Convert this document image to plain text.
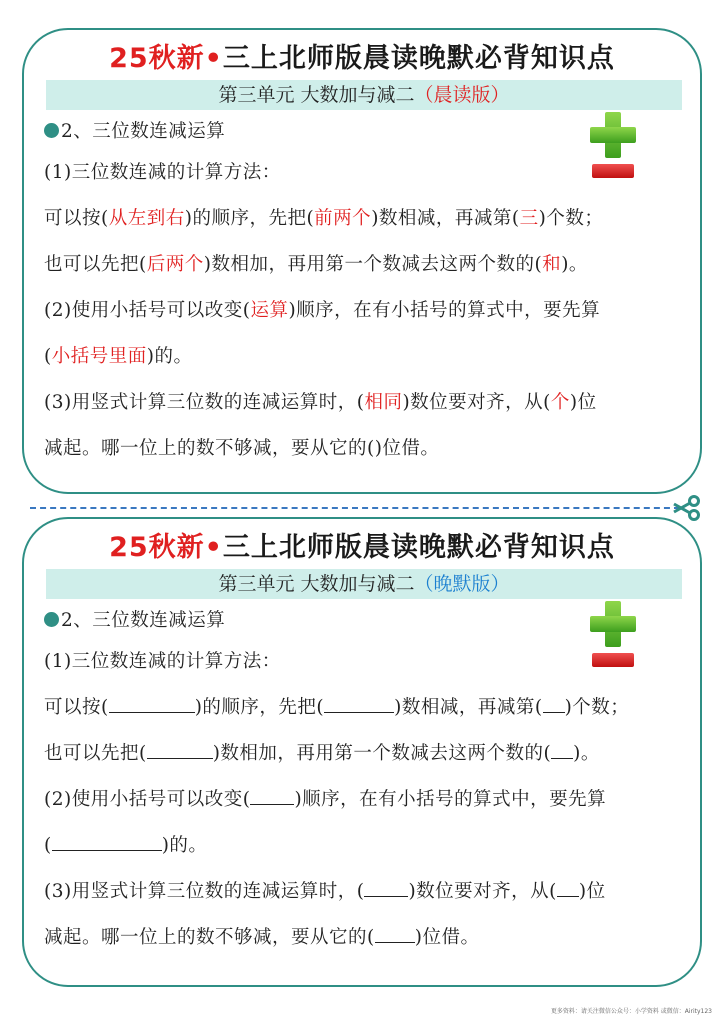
25秋新•三上北师版晨读晚默必背知识点
第三单元 大数加与减二（晨读版）
2、三位数连减运算
(1)三位数连减的计算方法：
可以按(从左到右)的顺序，先把(前两个)数相减，再减第(三)个数；
也可以先把(后两个)数相加，再用第一个数减去这两个数的(和)。
(2)使用小括号可以改变(运算)顺序，在有小括号的算式中，要先算
(小括号里面)的。
(3)用竖式计算三位数的连减运算时，(相同)数位要对齐，从(个)位
减起。哪一位上的数不够减，要从它的()位借。
25秋新•三上北师版晨读晚默必背知识点
第三单元 大数加与减二（晚默版）
2、三位数连减运算
(1)三位数连减的计算方法：
可以按(	)的顺序，先把(	)数相减，再减第( )个数；
也可以先把(	)数相加，再用第一个数减去这两个数的( )。
(2)使用小括号可以改变( )顺序，在有小括号的算式中，要先算
(	)的。
(3)用竖式计算三位数的连减运算时，( )数位要对齐，从( )位
减起。哪一位上的数不够减，要从它的( )位借。
更多资料：请关注微信公众号：小学资料 或微信：Airity123
